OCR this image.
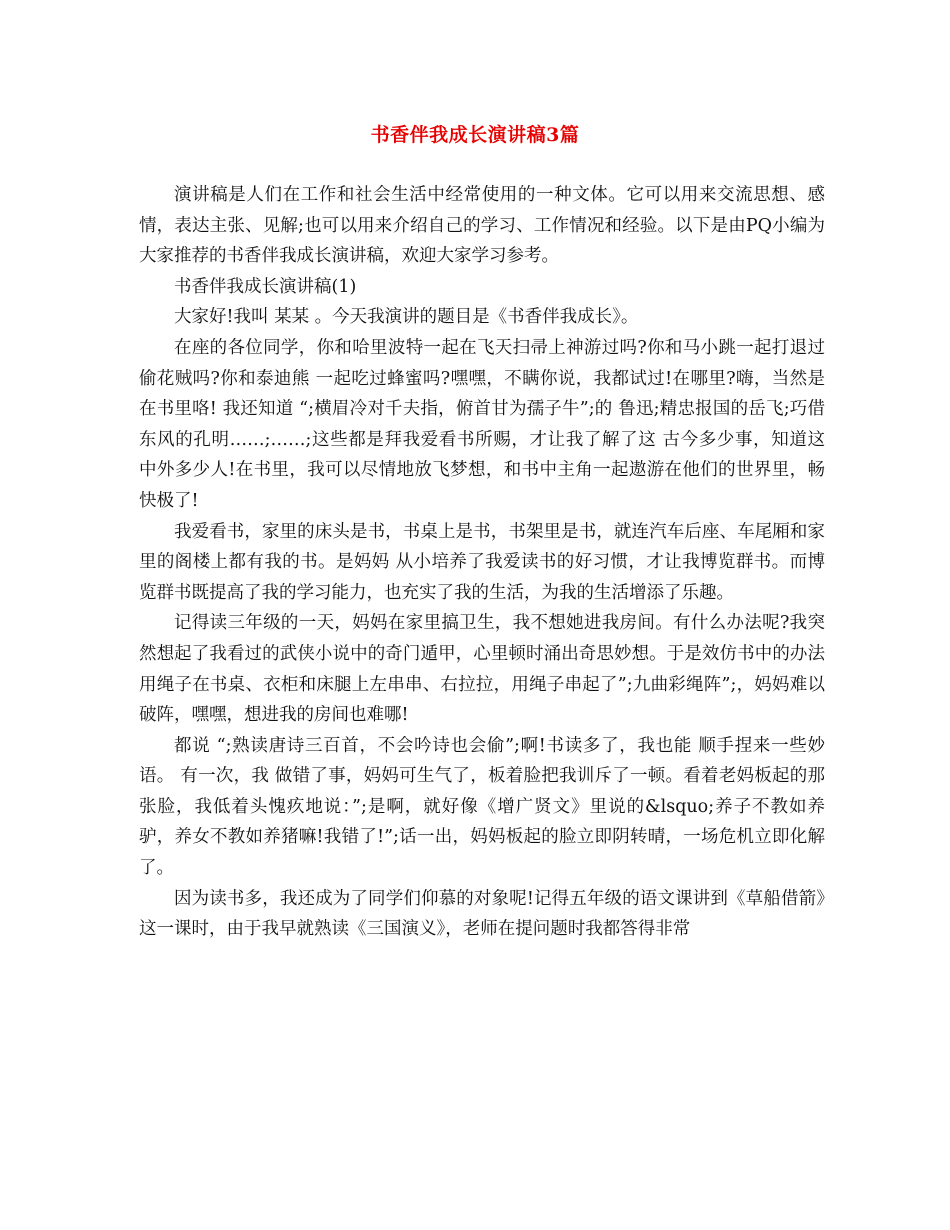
书香伴我成长演讲稿3篇

演讲稿是人们在工作和社会生活中经常使用的一种文体。它可以用来交流思想、感情，表达主张、见解;也可以用来介绍自己的学习、工作情况和经验。以下是由PQ小编为大家推荐的书香伴我成长演讲稿，欢迎大家学习参考。

书香伴我成长演讲稿(1)

大家好!我叫 某某 。今天我演讲的题目是《书香伴我成长》。

在座的各位同学，你和哈里波特一起在飞天扫帚上神游过吗?你和马小跳一起打退过偷花贼吗?你和泰迪熊 一起吃过蜂蜜吗?嘿嘿，不瞒你说，我都试过!在哪里?嗨，当然是在书里咯! 我还知道 “;横眉冷对千夫指，俯首甘为孺子牛”;的 鲁迅;精忠报国的岳飞;巧借东风的孔明……;……;这些都是拜我爱看书所赐，才让我了解了这 古今多少事，知道这 中外多少人!在书里，我可以尽情地放飞梦想，和书中主角一起遨游在他们的世界里，畅快极了!

我爱看书，家里的床头是书，书桌上是书，书架里是书，就连汽车后座、车尾厢和家里的阁楼上都有我的书。是妈妈 从小培养了我爱读书的好习惯，才让我博览群书。而博览群书既提高了我的学习能力，也充实了我的生活，为我的生活增添了乐趣。

记得读三年级的一天，妈妈在家里搞卫生，我不想她进我房间。有什么办法呢?我突然想起了我看过的武侠小说中的奇门遁甲，心里顿时涌出奇思妙想。于是效仿书中的办法用绳子在书桌、衣柜和床腿上左串串、右拉拉，用绳子串起了”;九曲彩绳阵”;，妈妈难以破阵，嘿嘿，想进我的房间也难哪!

都说 “;熟读唐诗三百首，不会吟诗也会偷”;啊!书读多了，我也能 顺手捏来一些妙语。 有一次，我 做错了事，妈妈可生气了，板着脸把我训斥了一顿。看着老妈板起的那张脸，我低着头愧疚地说：”;是啊，就好像《增广贤文》里说的&lsquo;养子不教如养驴，养女不教如养猪嘛!我错了!”;话一出，妈妈板起的脸立即阴转晴，一场危机立即化解了。

因为读书多，我还成为了同学们仰慕的对象呢!记得五年级的语文课讲到《草船借箭》这一课时，由于我早就熟读《三国演义》，老师在提问题时我都答得非常
